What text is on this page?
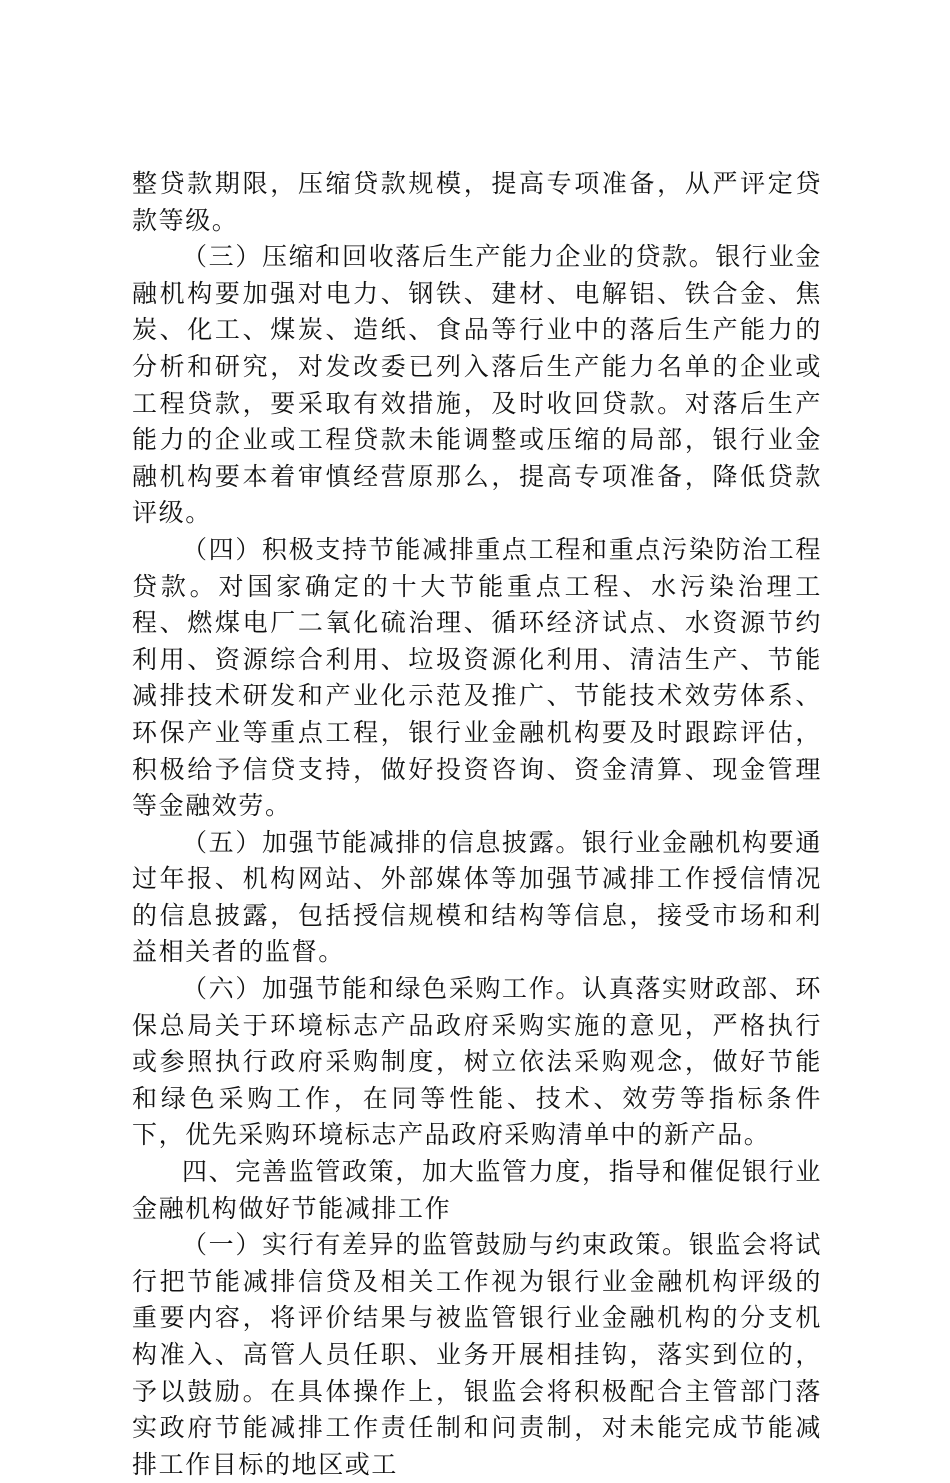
整贷款期限，压缩贷款规模，提高专项准备，从严评定贷款等级。

（三）压缩和回收落后生产能力企业的贷款。银行业金融机构要加强对电力、钢铁、建材、电解铝、铁合金、焦炭、化工、煤炭、造纸、食品等行业中的落后生产能力的分析和研究，对发改委已列入落后生产能力名单的企业或工程贷款，要采取有效措施，及时收回贷款。对落后生产能力的企业或工程贷款未能调整或压缩的局部，银行业金融机构要本着审慎经营原那么，提高专项准备，降低贷款评级。

（四）积极支持节能减排重点工程和重点污染防治工程贷款。对国家确定的十大节能重点工程、水污染治理工程、燃煤电厂二氧化硫治理、循环经济试点、水资源节约利用、资源综合利用、垃圾资源化利用、清洁生产、节能减排技术研发和产业化示范及推广、节能技术效劳体系、环保产业等重点工程，银行业金融机构要及时跟踪评估，积极给予信贷支持，做好投资咨询、资金清算、现金管理等金融效劳。

（五）加强节能减排的信息披露。银行业金融机构要通过年报、机构网站、外部媒体等加强节减排工作授信情况的信息披露，包括授信规模和结构等信息，接受市场和利益相关者的监督。

（六）加强节能和绿色采购工作。认真落实财政部、环保总局关于环境标志产品政府采购实施的意见，严格执行或参照执行政府采购制度，树立依法采购观念，做好节能和绿色采购工作，在同等性能、技术、效劳等指标条件下，优先采购环境标志产品政府采购清单中的新产品。

四、完善监管政策，加大监管力度，指导和催促银行业金融机构做好节能减排工作

（一）实行有差异的监管鼓励与约束政策。银监会将试行把节能减排信贷及相关工作视为银行业金融机构评级的重要内容，将评价结果与被监管银行业金融机构的分支机构准入、高管人员任职、业务开展相挂钩，落实到位的，予以鼓励。在具体操作上，银监会将积极配合主管部门落实政府节能减排工作责任制和问责制，对未能完成节能减排工作目标的地区或工
